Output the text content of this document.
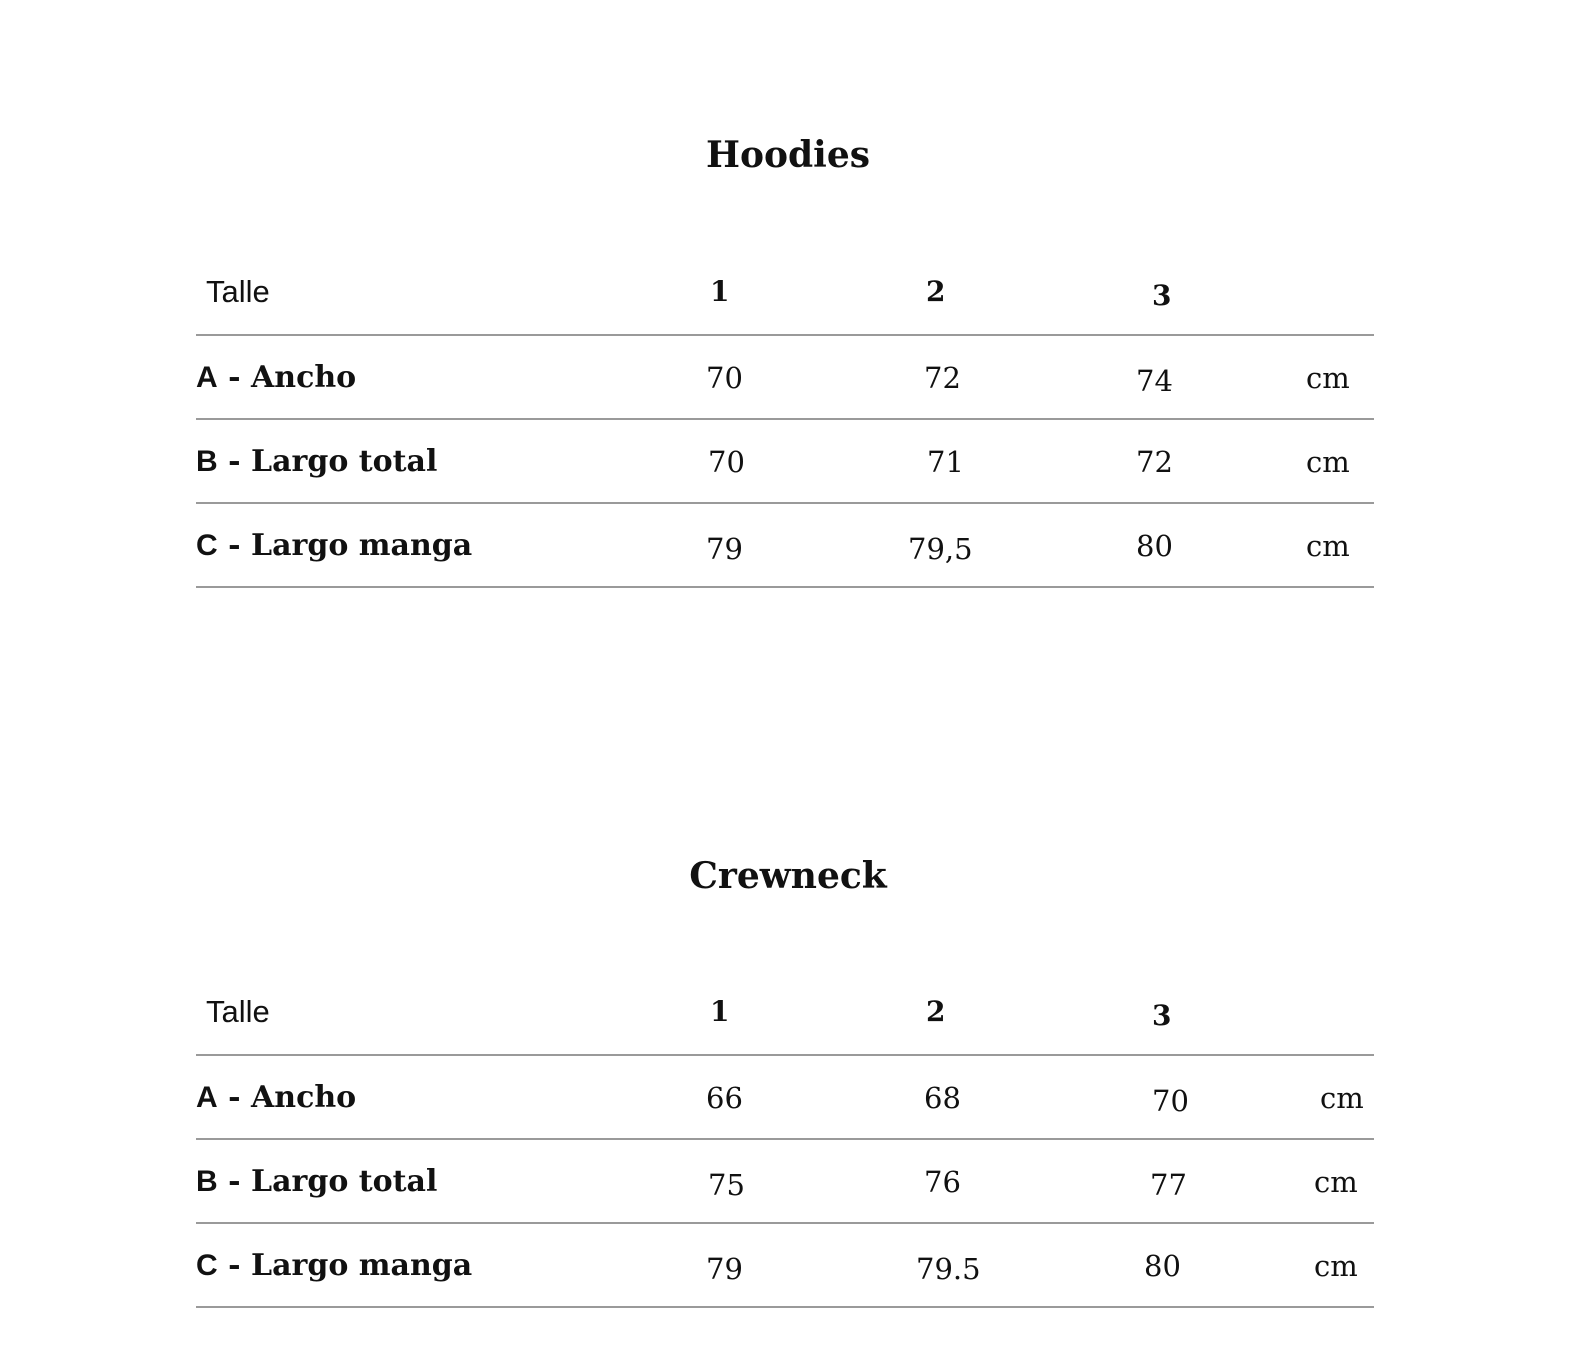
Hoodies
Talle	1	2	3
A - Ancho	70	72	74	cm
B - Largo total	70	71	72	cm
C - Largo manga	79	79,5	80	cm
Crewneck
Talle	1	2	3
A - Ancho	66	68	70	cm
B - Largo total	75	76	77	cm
C - Largo manga	79	79.5	80	cm
